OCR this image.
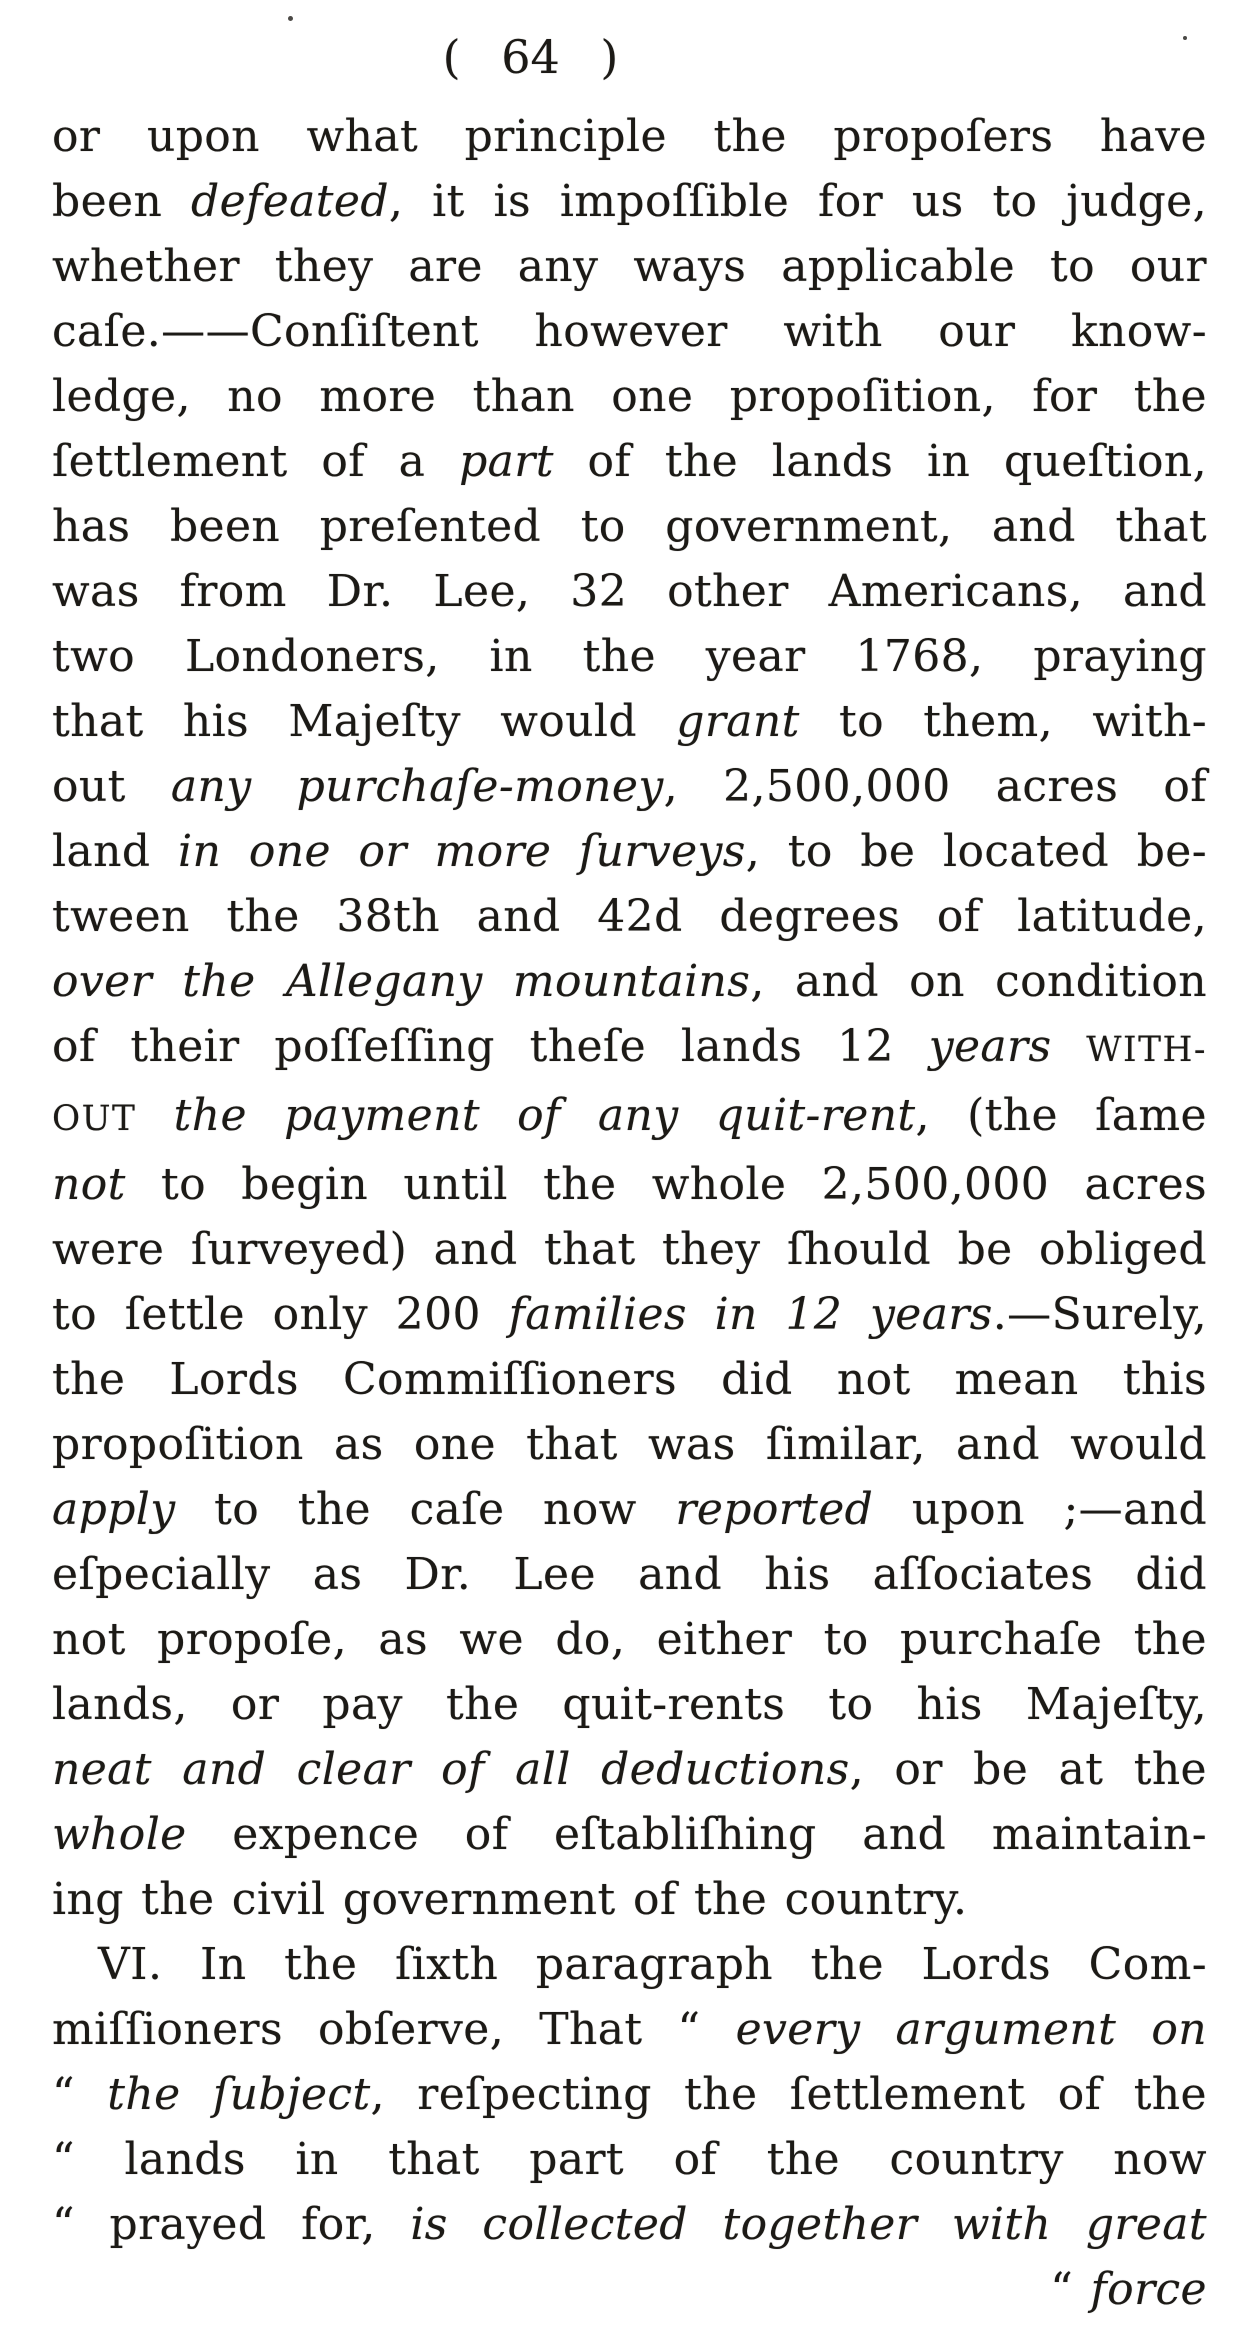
( 64 )
or upon what principle the propoſers have
been defeated, it is impoſſible for us to judge,
whether they are any ways applicable to our
caſe.——Conſiſtent however with our know-
ledge, no more than one propoſition, for the
ſettlement of a part of the lands in queſtion,
has been preſented to government, and that
was from Dr. Lee, 32 other Americans, and
two Londoners, in the year 1768, praying
that his Majeſty would grant to them, with-
out any purchaſe-money, 2,500,000 acres of
land in one or more ſurveys, to be located be-
tween the 38th and 42d degrees of latitude,
over the Allegany mountains, and on condition
of their poſſeſſing theſe lands 12 years WITH-
OUT the payment of any quit-rent, (the ſame
not to begin until the whole 2,500,000 acres
were ſurveyed) and that they ſhould be obliged
to ſettle only 200 families in 12 years.—Surely,
the Lords Commiſſioners did not mean this
propoſition as one that was ſimilar, and would
apply to the caſe now reported upon ;—and
eſpecially as Dr. Lee and his aſſociates did
not propoſe, as we do, either to purchaſe the
lands, or pay the quit-rents to his Majeſty,
neat and clear of all deductions, or be at the
whole expence of eſtabliſhing and maintain-
ing the civil government of the country.
VI. In the ſixth paragraph the Lords Com-
miſſioners obſerve, That “ every argument on
“ the ſubject, reſpecting the ſettlement of the
“ lands in that part of the country now
“ prayed for, is collected together with great
“ force
